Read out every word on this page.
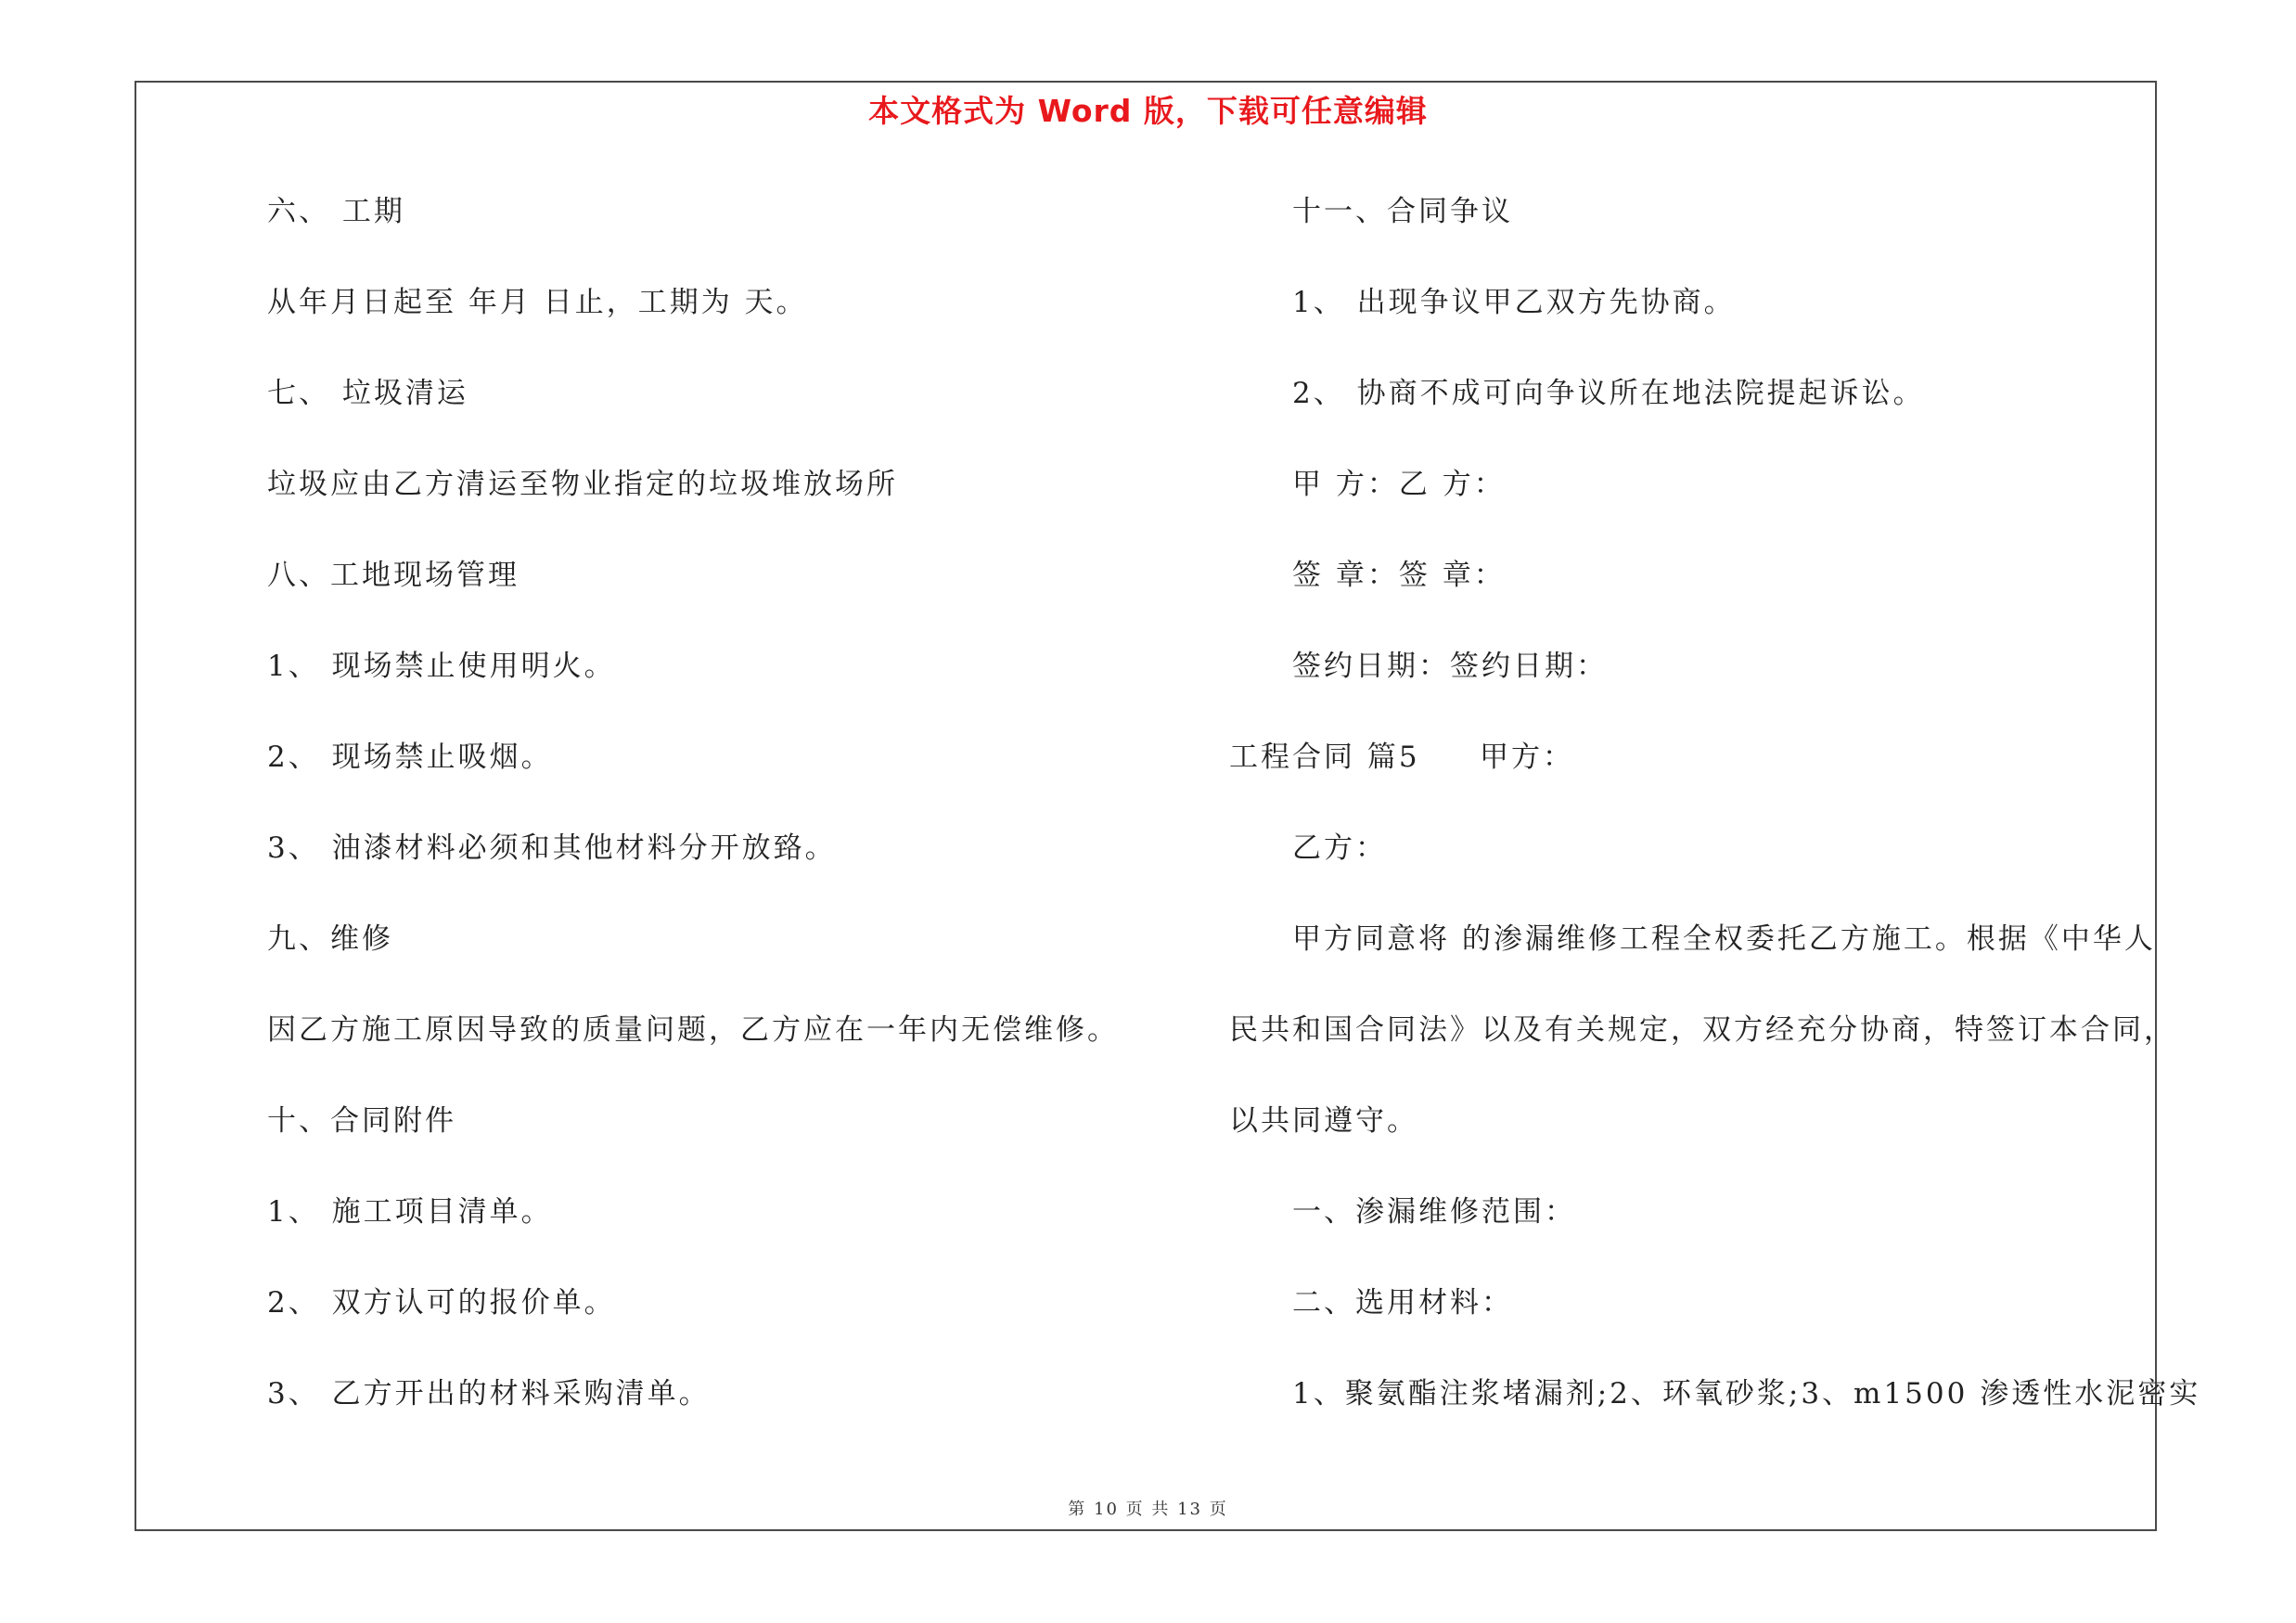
本文格式为 Word 版，下载可任意编辑
六、 工期
从年月日起至 年月 日止，工期为 天。
七、 垃圾清运
垃圾应由乙方清运至物业指定的垃圾堆放场所
八、工地现场管理
1、 现场禁止使用明火。
2、 现场禁止吸烟。
3、 油漆材料必须和其他材料分开放臵。
九、维修
因乙方施工原因导致的质量问题，乙方应在一年内无偿维修。
十、合同附件
1、 施工项目清单。
2、 双方认可的报价单。
3、 乙方开出的材料采购清单。
十一、合同争议
1、 出现争议甲乙双方先协商。
2、 协商不成可向争议所在地法院提起诉讼。
甲 方：乙 方：
签 章：签 章：
签约日期：签约日期：
工程合同 篇5 甲方：
乙方：
甲方同意将 的渗漏维修工程全权委托乙方施工。根据《中华人
民共和国合同法》以及有关规定，双方经充分协商，特签订本合同，
以共同遵守。
一、渗漏维修范围：
二、选用材料：
1、聚氨酯注浆堵漏剂;2、环氧砂浆;3、m1500 渗透性水泥密实
第 10 页 共 13 页
